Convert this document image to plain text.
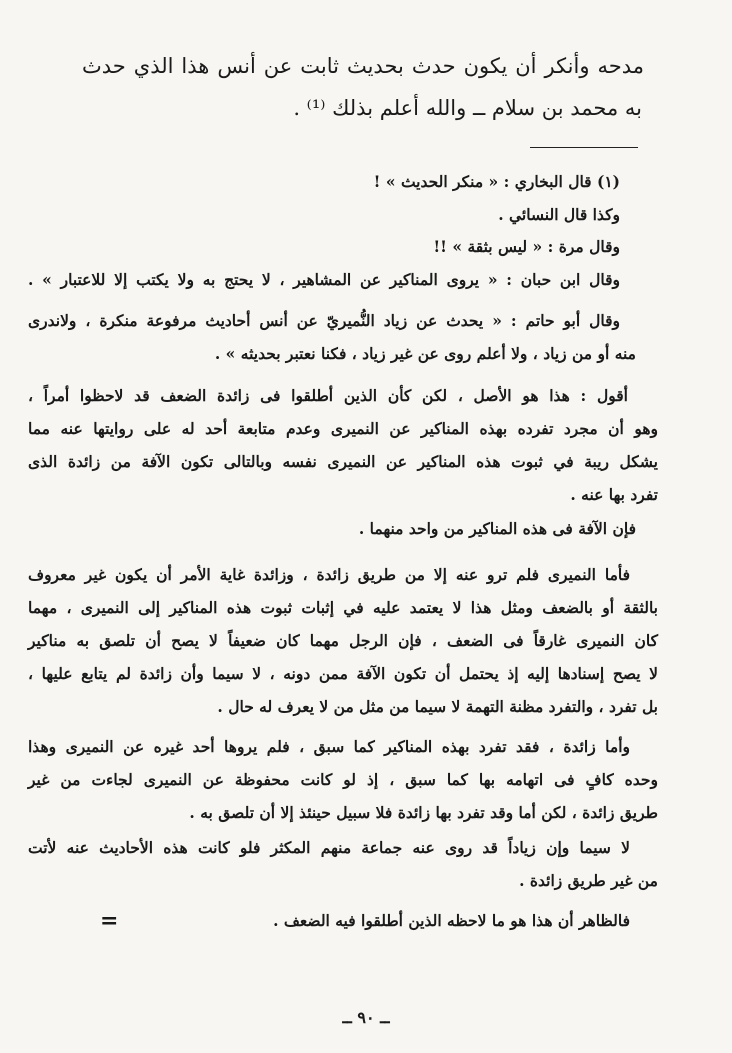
مدحه وأنكر أن يكون حدث بحديث ثابت عن أنس هذا الذي حدث
به محمد بن سلام ــ والله أعلم بذلك ⁽¹⁾ .
(١) قال البخاري : « منكر الحديث » !
وكذا قال النسائي .
وقال مرة : « ليس بثقة » !!
وقال ابن حبان : « يروى المناكير عن المشاهير ، لا يحتج به ولا يكتب إلا للاعتبار » .
وقال أبو حاتم : « يحدث عن زياد النُّميريّ عن أنس أحاديث مرفوعة منكرة ، ولاندرى
منه أو من زياد ، ولا أعلم روى عن غير زياد ، فكنا نعتبر بحديثه » .
أقول : هذا هو الأصل ، لكن كأن الذين أطلقوا فى زائدة الضعف قد لاحظوا أمراً ،
وهو أن مجرد تفرده بهذه المناكير عن النميرى وعدم متابعة أحد له على روايتها عنه مما
يشكل ريبة في ثبوت هذه المناكير عن النميرى نفسه وبالتالى تكون الآفة من زائدة الذى
تفرد بها عنه .
فإن الآفة فى هذه المناكير من واحد منهما .
فأما النميرى فلم ترو عنه إلا من طريق زائدة ، وزائدة غاية الأمر أن يكون غير معروف
بالثقة أو بالضعف ومثل هذا لا يعتمد عليه في إثبات ثبوت هذه المناكير إلى النميرى ، مهما
كان النميرى غارقاً فى الضعف ، فإن الرجل مهما كان ضعيفاً لا يصح أن تلصق به مناكير
لا يصح إسنادها إليه إذ يحتمل أن تكون الآفة ممن دونه ، لا سيما وأن زائدة لم يتابع عليها ،
بل تفرد ، والتفرد مظنة التهمة لا سيما من مثل من لا يعرف له حال .
وأما زائدة ، فقد تفرد بهذه المناكير كما سبق ، فلم يروها أحد غيره عن النميرى وهذا
وحده كافٍ فى اتهامه بها كما سبق ، إذ لو كانت محفوظة عن النميرى لجاءت من غير
طريق زائدة ، لكن أما وقد تفرد بها زائدة فلا سبيل حينئذ إلا أن تلصق به .
لا سيما وإن زياداً قد روى عنه جماعة منهم المكثر فلو كانت هذه الأحاديث عنه لأتت
من غير طريق زائدة .
فالظاهر أن هذا هو ما لاحظه الذين أطلقوا فيه الضعف .
=
ــ ٩٠ ــ
